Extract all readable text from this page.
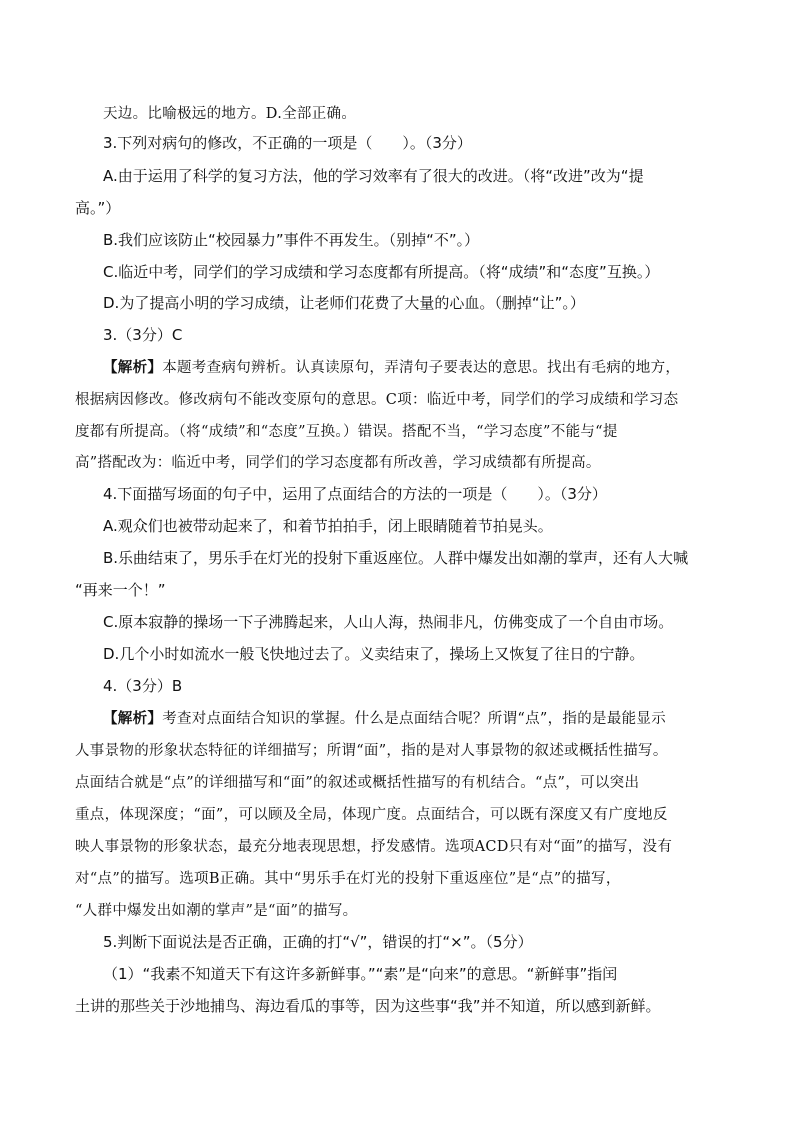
天边。比喻极远的地方。D.全部正确。
3.下列对病句的修改，不正确的一项是（　　）。（3分）
A.由于运用了科学的复习方法，他的学习效率有了很大的改进。（将“改进”改为“提
高。”）
B.我们应该防止“校园暴力”事件不再发生。（别掉“不”。）
C.临近中考，同学们的学习成绩和学习态度都有所提高。（将“成绩”和“态度”互换。）
D.为了提高小明的学习成绩，让老师们花费了大量的心血。（删掉“让”。）
3.（3分）C
【解析】本题考查病句辨析。认真读原句，弄清句子要表达的意思。找出有毛病的地方，
根据病因修改。修改病句不能改变原句的意思。C项：临近中考，同学们的学习成绩和学习态
度都有所提高。（将“成绩”和“态度”互换。）错误。搭配不当，“学习态度”不能与“提
高”搭配改为：临近中考，同学们的学习态度都有所改善，学习成绩都有所提高。
4.下面描写场面的句子中，运用了点面结合的方法的一项是（　　）。（3分）
A.观众们也被带动起来了，和着节拍拍手，闭上眼睛随着节拍晃头。
B.乐曲结束了，男乐手在灯光的投射下重返座位。人群中爆发出如潮的掌声，还有人大喊
“再来一个！”
C.原本寂静的操场一下子沸腾起来，人山人海，热闹非凡，仿佛变成了一个自由市场。
D.几个小时如流水一般飞快地过去了。义卖结束了，操场上又恢复了往日的宁静。
4.（3分）B
【解析】考查对点面结合知识的掌握。什么是点面结合呢？所谓“点”，指的是最能显示
人事景物的形象状态特征的详细描写；所谓“面”，指的是对人事景物的叙述或概括性描写。
点面结合就是“点”的详细描写和“面”的叙述或概括性描写的有机结合。“点”，可以突出
重点，体现深度；“面”，可以顾及全局，体现广度。点面结合，可以既有深度又有广度地反
映人事景物的形象状态，最充分地表现思想，抒发感情。选项ACD只有对“面”的描写，没有
对“点”的描写。选项B正确。其中“男乐手在灯光的投射下重返座位”是“点”的描写，
“人群中爆发出如潮的掌声”是“面”的描写。
5.判断下面说法是否正确，正确的打“√”，错误的打“×”。（5分）
（1）“我素不知道天下有这许多新鲜事。”“素”是“向来”的意思。“新鲜事”指闰
土讲的那些关于沙地捕鸟、海边看瓜的事等，因为这些事“我”并不知道，所以感到新鲜。
